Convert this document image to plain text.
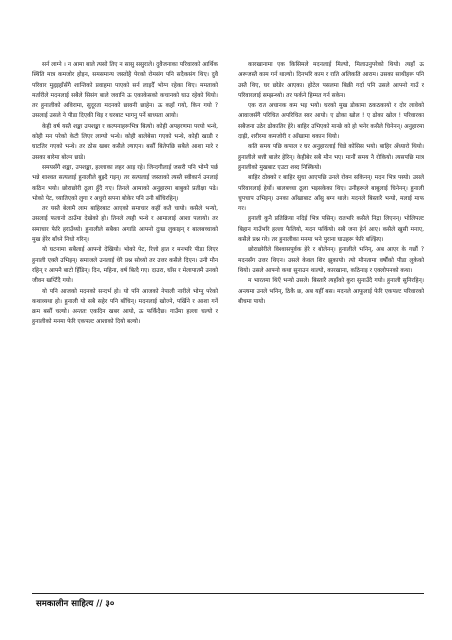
सर्न लाग्ने । न आमा बाले त्यसो तिए न सासु ससुराले। दुवैजनाका परिवारको आर्थिक स्थिति मात्र कमजोर होइन, समसमान्य जस्तोहै पेरको रोमसंग पनि सदैकसंग थिए। दुवै परिवार मुद्दइहाँसँगै शान्तिको प्रवाहमा पाएको सर्न लाइदैँ भोग्न रहेका थिए। ममताको मर्तारीले मदनलाई सबैले सिसंग बाले जवानि ऊ एकाकेसको कचानको घाउ रहेको थियो। तर हुनालीको अविरामा, सुदूरता मदनको छावनी छाहेन। ऊ कहाँ गयो, किन गयो ? उसलाई उसले ने पीडा दिएकी थिइ र घरबाट भागनु पर्ने बाध्यता आयो।

केही वर्ष यस्तै शङ्का उपशङ्का र कल्पनाहरूभित्र बित्यो। कोही अपहरणमा परयो भन्थे, कोही मन परेको केटी लिएर लाग्यो भन्थे। कोही बालेबेसा गएको भन्थे, कोही खाडी र घाटतिर गएको भन्थे। तर ठोस खबर कसैले ल्याएन। बर्सौं बितेपछि सबैले आशा मारे र उसका बारेमा बोल्न छाडे।

समयसँगै शङ्का, उपशङ्का, हल्लाका लहर आइ रहे। जिन्दगीलाई जसरी पनि भोग्नै पर्छ भन्ने शाश्वत सत्यलाई हुनालीले बुझ्दै गइन्। तर सत्यलाई जस्ताको त्यस्तै स्वीकार्न उनलाई कठिन भयो। छोराछोरी ठूला हुँदै गए। तिनले आमाको अनुहारमा बाबुको प्रतीक्षा पढे। भोको पेट, च्यातिएको लुगा र अधुरो सपना बोकेर पनि उनी बाँचिरहिन्।

तर यस्तै बेलामै लाम बाहिरबाट आएको समाचार कहीं कतै चायो। कसैले भन्यो, उसलाई फलानो ठाउँमा देखेको हो। तिनले त्यही भन्थे र आमालाई आशा पलायो। तर समाचार फेरि हराउँथ्यो। हुनालीले सबैका अगाडि आफ्नो दुःख लुकाइन् र बालबच्चाको मुख हेरेर बाँच्ने निधो गरिन्।

यो घटनामा सबैलाई आफ्नो देखियो। भोको पेट, रित्तो हात र मनभरि पीडा लिएर हुनाली एक्लै उभिइन्। समाजले उनलाई धेरै प्रश्न सोध्यो तर उत्तर कसैले दिएन। उनी मौन रहिन् र आफ्नै बाटो हिँडिन्। दिन, महिना, वर्ष बित्दै गए। दाउरा, घाँस र मेलापातमै उनको जीवन खप्टिँदै गयो।

यो पनि आजको मदनको सन्दर्भ हो। यो पनि आजको नेपाली नारीले भोग्नु परेको कथाव्यथा हो। हुनाली यो सबै सहेर पनि बाँचिन्। मदनलाई खोज्ने, पर्खिने र आशा गर्ने क्रम बर्सौं चल्यो। अन्ततः एकदिन खबर आयो, ऊ फर्किंदैछ। गाउँमा हल्ला चल्यो र हुनालीको मनमा फेरि एकपल्ट आशाको दियो बल्यो।

कारखानामा एक किसिमले मदनलाई मिल्यो, मिलाउनुपरेको थियो। त्यहाँ ऊ अरूजस्तै काम गर्न थाल्यो। दिनभरि काम र राति अलिकति आराम। उसका साथीहरू पनि उस्तै थिए, घर छोडेर आएका। होटेल पसलमा बिक्री गर्दा पनि उसले आफ्नो गाउँ र परिवारलाई सम्झन्थ्यो। तर फर्कने हिम्मत गर्न सकेन।

एक रात अचानक कम भइ भयो। घरको मुख डोकामा ठकठकायो र दोर लावेको आवाजसँगै परिचित अपरिचित स्वर आयो। ए ढोका खोल ! ए ढोका खोल ! परिवारका सबैजना उठेर ढोकातिर हेरे। बाहिर उभिएको मान्छे को हो भनेर कसैले चिनेनन्। अनुहारमा दाह्री, शरीरमा कमजोरी र आँखामा थकान थियो।

कति समय पछि कपाल र घर अनुहारलाई चिन्ने कोसिस भयो। बाहिर अँध्यारो थियो। हुनालीले बत्ती बालेर हेरिन्। केहीबेर सबै मौन भए। मानौं समय नै रोकियो। त्यसपछि मात्र हुनालीको मुखबाट एउटा शब्द निस्कियो।

बाहिर ठोक्को र बाहिर सुधा आएपछि उनले रोक्न सकिनन्। मदन भित्र पस्यो। उसले परिवारलाई हेर्यो। बालबच्चा ठूला भइसकेका थिए। उनीहरूले बाबुलाई चिनेनन्। हुनाली चुपचाप उभिइन्। उनका आँखाबाट आँसु बग्न थाले। मदनले बिस्तारै भन्यो, मलाई माफ गर।

हुनाली कुनै प्रतिक्रिया नदिई भित्र पसिन्। रातभरि कसैले निद्रा लिएनन्। भोलिपल्ट बिहान गाउँभरि हल्ला फैलियो, मदन फर्कियो। सबै जना हेर्न आए। कसैले खुसी मनाए, कसैले प्रश्न गरे। तर हुनालीका मनमा भने पुराना घाउहरू फेरि बल्झिए।

छोराछोरीले विश्वासपूर्वक हेरे र बोलेनन्। हुनालीले भनिन्, अब आएर के गर्छौ ? मदनसँग उत्तर थिएन। उसले केवल शिर झुकायो। त्यो मौनतामा वर्षौंको पीडा लुकेको थियो। उसले आफ्नो कथा सुनाउन थाल्यो, कारखाना, कठिनाइ र एक्लोपनको कथा।

म भारतमा थिएँ भन्यो उसले। बिस्तारै त्यहाँको कुरा सुनाउँदै गयो। हुनाली सुनिरहिन्। अन्त्यमा उनले भनिन्, ठिकै छ, अब यहीँ बस। मदनले आफूलाई फेरि एकपल्ट परिवारको बीचमा पायो।

समकालीन साहित्य // ३०
